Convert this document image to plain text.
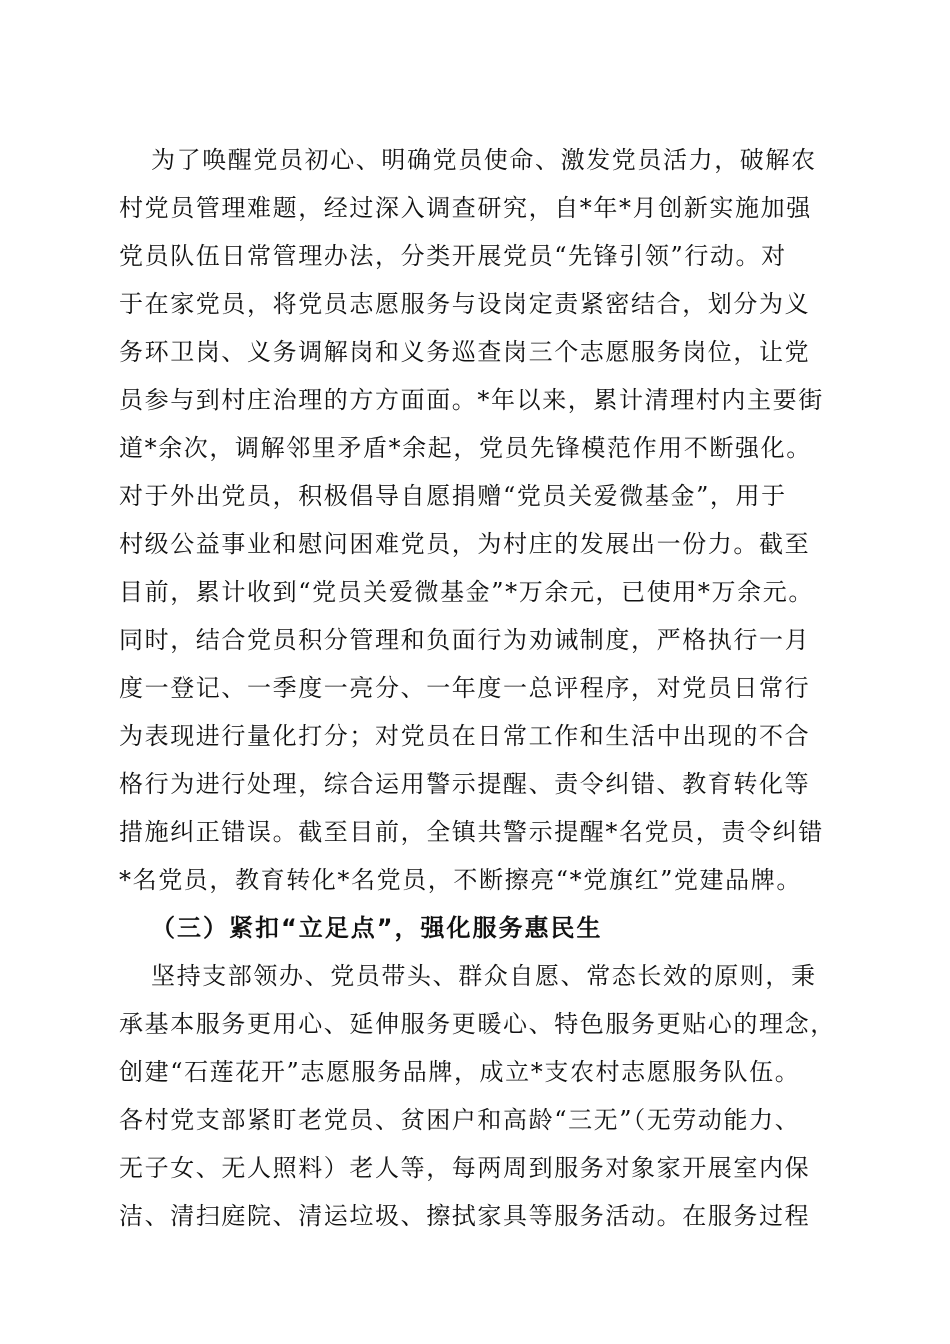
为了唤醒党员初心、明确党员使命、激发党员活力，破解农
村党员管理难题，经过深入调查研究，自*年*月创新实施加强
党员队伍日常管理办法，分类开展党员“先锋引领”行动。对
于在家党员，将党员志愿服务与设岗定责紧密结合，划分为义
务环卫岗、义务调解岗和义务巡查岗三个志愿服务岗位，让党
员参与到村庄治理的方方面面。*年以来，累计清理村内主要街
道*余次，调解邻里矛盾*余起，党员先锋模范作用不断强化。
对于外出党员，积极倡导自愿捐赠“党员关爱微基金”，用于
村级公益事业和慰问困难党员，为村庄的发展出一份力。截至
目前，累计收到“党员关爱微基金”*万余元，已使用*万余元。
同时，结合党员积分管理和负面行为劝诫制度，严格执行一月
度一登记、一季度一亮分、一年度一总评程序，对党员日常行
为表现进行量化打分；对党员在日常工作和生活中出现的不合
格行为进行处理，综合运用警示提醒、责令纠错、教育转化等
措施纠正错误。截至目前，全镇共警示提醒*名党员，责令纠错
*名党员，教育转化*名党员，不断擦亮“*党旗红”党建品牌。
（三）紧扣“立足点”，强化服务惠民生
坚持支部领办、党员带头、群众自愿、常态长效的原则，秉
承基本服务更用心、延伸服务更暖心、特色服务更贴心的理念，
创建“石莲花开”志愿服务品牌，成立*支农村志愿服务队伍。
各村党支部紧盯老党员、贫困户和高龄“三无”（无劳动能力、
无子女、无人照料）老人等，每两周到服务对象家开展室内保
洁、清扫庭院、清运垃圾、擦拭家具等服务活动。在服务过程
